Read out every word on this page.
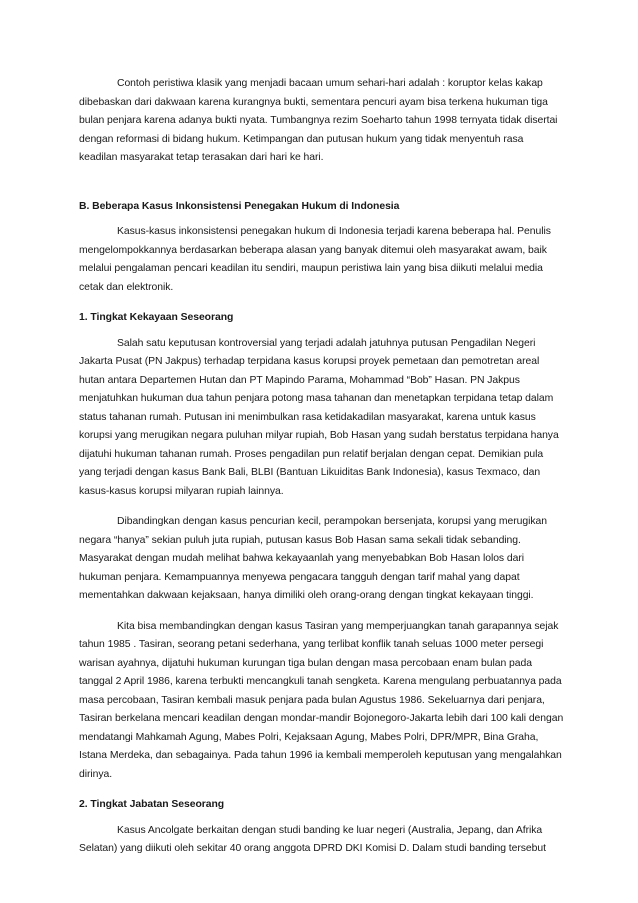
Contoh peristiwa klasik yang menjadi bacaan umum sehari-hari adalah : koruptor kelas kakap dibebaskan dari dakwaan karena kurangnya bukti, sementara pencuri ayam bisa terkena hukuman tiga bulan penjara karena adanya bukti nyata. Tumbangnya rezim Soeharto tahun 1998 ternyata tidak disertai dengan reformasi di bidang hukum. Ketimpangan dan putusan hukum yang tidak menyentuh rasa keadilan masyarakat tetap terasakan dari hari ke hari.

B. Beberapa Kasus Inkonsistensi Penegakan Hukum di Indonesia

Kasus-kasus inkonsistensi penegakan hukum di Indonesia terjadi karena beberapa hal. Penulis mengelompokkannya berdasarkan beberapa alasan yang banyak ditemui oleh masyarakat awam, baik melalui pengalaman pencari keadilan itu sendiri, maupun peristiwa lain yang bisa diikuti melalui media cetak dan elektronik.

1. Tingkat Kekayaan Seseorang

Salah satu keputusan kontroversial yang terjadi adalah jatuhnya putusan Pengadilan Negeri Jakarta Pusat (PN Jakpus) terhadap terpidana kasus korupsi proyek pemetaan dan pemotretan areal hutan antara Departemen Hutan dan PT Mapindo Parama, Mohammad “Bob” Hasan. PN Jakpus menjatuhkan hukuman dua tahun penjara potong masa tahanan dan menetapkan terpidana tetap dalam status tahanan rumah. Putusan ini menimbulkan rasa ketidakadilan masyarakat, karena untuk kasus korupsi yang merugikan negara puluhan milyar rupiah, Bob Hasan yang sudah berstatus terpidana hanya dijatuhi hukuman tahanan rumah. Proses pengadilan pun relatif berjalan dengan cepat. Demikian pula yang terjadi dengan kasus Bank Bali, BLBI (Bantuan Likuiditas Bank Indonesia), kasus Texmaco, dan kasus-kasus korupsi milyaran rupiah lainnya.

Dibandingkan dengan kasus pencurian kecil, perampokan bersenjata, korupsi yang merugikan negara “hanya” sekian puluh juta rupiah, putusan kasus Bob Hasan sama sekali tidak sebanding. Masyarakat dengan mudah melihat bahwa kekayaanlah yang menyebabkan Bob Hasan lolos dari hukuman penjara. Kemampuannya menyewa pengacara tangguh dengan tarif mahal yang dapat mementahkan dakwaan kejaksaan, hanya dimiliki oleh orang-orang dengan tingkat kekayaan tinggi.

Kita bisa membandingkan dengan kasus Tasiran yang memperjuangkan tanah garapannya sejak tahun 1985 . Tasiran, seorang petani sederhana, yang terlibat konflik tanah seluas 1000 meter persegi warisan ayahnya, dijatuhi hukuman kurungan tiga bulan dengan masa percobaan enam bulan pada tanggal 2 April 1986, karena terbukti mencangkuli tanah sengketa. Karena mengulang perbuatannya pada masa percobaan, Tasiran kembali masuk penjara pada bulan Agustus 1986. Sekeluarnya dari penjara, Tasiran berkelana mencari keadilan dengan mondar-mandir Bojonegoro-Jakarta lebih dari 100 kali dengan mendatangi Mahkamah Agung, Mabes Polri, Kejaksaan Agung, Mabes Polri, DPR/MPR, Bina Graha, Istana Merdeka, dan sebagainya. Pada tahun 1996 ia kembali memperoleh keputusan yang mengalahkan dirinya.

2. Tingkat Jabatan Seseorang

Kasus Ancolgate berkaitan dengan studi banding ke luar negeri (Australia, Jepang, dan Afrika Selatan) yang diikuti oleh sekitar 40 orang anggota DPRD DKI Komisi D. Dalam studi banding tersebut
